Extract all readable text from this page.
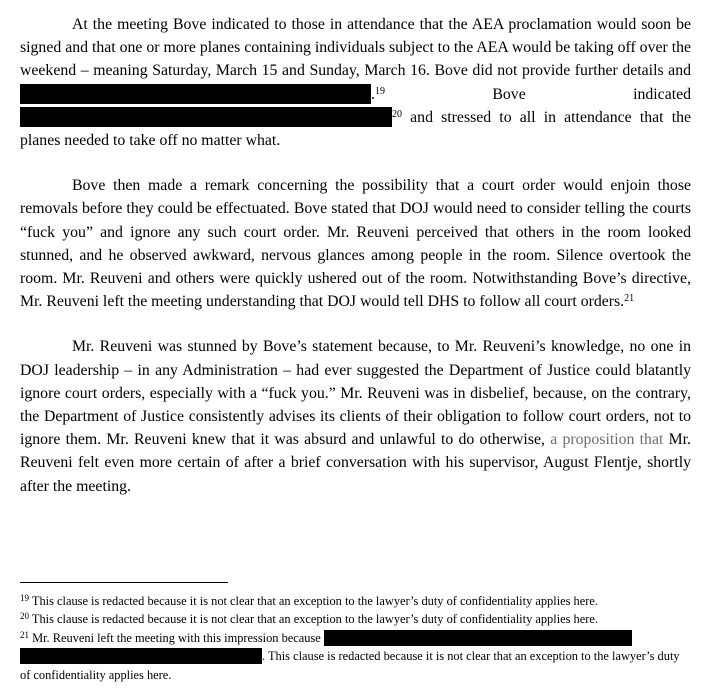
At the meeting Bove indicated to those in attendance that the AEA proclamation would soon be signed and that one or more planes containing individuals subject to the AEA would be taking off over the weekend – meaning Saturday, March 15 and Sunday, March 16. Bove did not provide further details and .$^{19}$ Bove indicated $^{20}$ and stressed to all in attendance that the planes needed to take off no matter what.

Bove then made a remark concerning the possibility that a court order would enjoin those removals before they could be effectuated. Bove stated that DOJ would need to consider telling the courts “fuck you” and ignore any such court order. Mr. Reuveni perceived that others in the room looked stunned, and he observed awkward, nervous glances among people in the room. Silence overtook the room. Mr. Reuveni and others were quickly ushered out of the room. Notwithstanding Bove’s directive, Mr. Reuveni left the meeting understanding that DOJ would tell DHS to follow all court orders.$^{21}$

Mr. Reuveni was stunned by Bove’s statement because, to Mr. Reuveni’s knowledge, no one in DOJ leadership – in any Administration – had ever suggested the Department of Justice could blatantly ignore court orders, especially with a “fuck you.” Mr. Reuveni was in disbelief, because, on the contrary, the Department of Justice consistently advises its clients of their obligation to follow court orders, not to ignore them. Mr. Reuveni knew that it was absurd and unlawful to do otherwise, a proposition that Mr. Reuveni felt even more certain of after a brief conversation with his supervisor, August Flentje, shortly after the meeting.

$^{19}$ This clause is redacted because it is not clear that an exception to the lawyer’s duty of confidentiality applies here.
$^{20}$ This clause is redacted because it is not clear that an exception to the lawyer’s duty of confidentiality applies here.
$^{21}$ Mr. Reuveni left the meeting with this impression because . This clause is redacted because it is not clear that an exception to the lawyer’s duty of confidentiality applies here.
